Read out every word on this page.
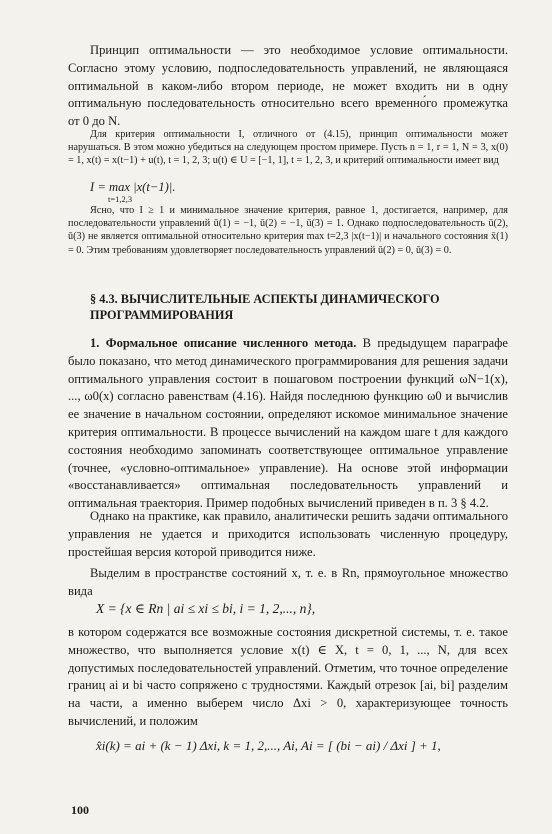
Принцип оптимальности — это необходимое условие оптимальности. Согласно этому условию, подпоследовательность управлений, не являющаяся оптимальной в каком-либо втором периоде, не может входить ни в одну оптимальную последовательность относительно всего временно́го промежутка от 0 до N.

Для критерия оптимальности I, отличного от (4.15), принцип оптимальности может нарушаться. В этом можно убедиться на следующем простом примере. Пусть n = 1, r = 1, N = 3, x(0) = 1, x(t) = x(t−1) + u(t), t = 1, 2, 3; u(t) ∈ U = [−1, 1], t = 1, 2, 3, и критерий оптимальности имеет вид

I = max |x(t−1)|.
t=1,2,3

Ясно, что I ≥ 1 и минимальное значение критерия, равное 1, достигается, например, для последовательности управлений ū(1) = −1, ū(2) = −1, ū(3) = 1. Однако подпоследовательность ū(2), ū(3) не является оптимальной относительно критерия max t=2,3 |x(t−1)| и начального состояния x̄(1) = 0. Этим требованиям удовлетворяет последовательность управлений ū(2) = 0, ū(3) = 0.

§ 4.3. ВЫЧИСЛИТЕЛЬНЫЕ АСПЕКТЫ ДИНАМИЧЕСКОГО ПРОГРАММИРОВАНИЯ

1. Формальное описание численного метода. В предыдущем параграфе было показано, что метод динамического программирования для решения задачи оптимального управления состоит в пошаговом построении функций ωN−1(x), ..., ω0(x) согласно равенствам (4.16). Найдя последнюю функцию ω0 и вычислив ее значение в начальном состоянии, определяют искомое минимальное значение критерия оптимальности. В процессе вычислений на каждом шаге t для каждого состояния необходимо запоминать соответствующее оптимальное управление (точнее, «условно-оптимальное» управление). На основе этой информации «восстанавливается» оптимальная последовательность управлений и оптимальная траектория. Пример подобных вычислений приведен в п. 3 § 4.2.

Однако на практике, как правило, аналитически решить задачи оптимального управления не удается и приходится использовать численную процедуру, простейшая версия которой приводится ниже.

Выделим в пространстве состояний x, т. е. в Rn, прямоугольное множество вида

X = {x ∈ Rn | ai ≤ xi ≤ bi, i = 1, 2,..., n},

в котором содержатся все возможные состояния дискретной системы, т. е. такое множество, что выполняется условие x(t) ∈ X, t = 0, 1, ..., N, для всех допустимых последовательностей управлений. Отметим, что точное определение границ ai и bi часто сопряжено с трудностями. Каждый отрезок [ai, bi] разделим на части, а именно выберем число Δxi > 0, характеризующее точность вычислений, и положим

x̂i(k) = ai + (k − 1) Δxi, k = 1, 2,..., Ai, Ai = [ (bi − ai) / Δxi ] + 1,
100
